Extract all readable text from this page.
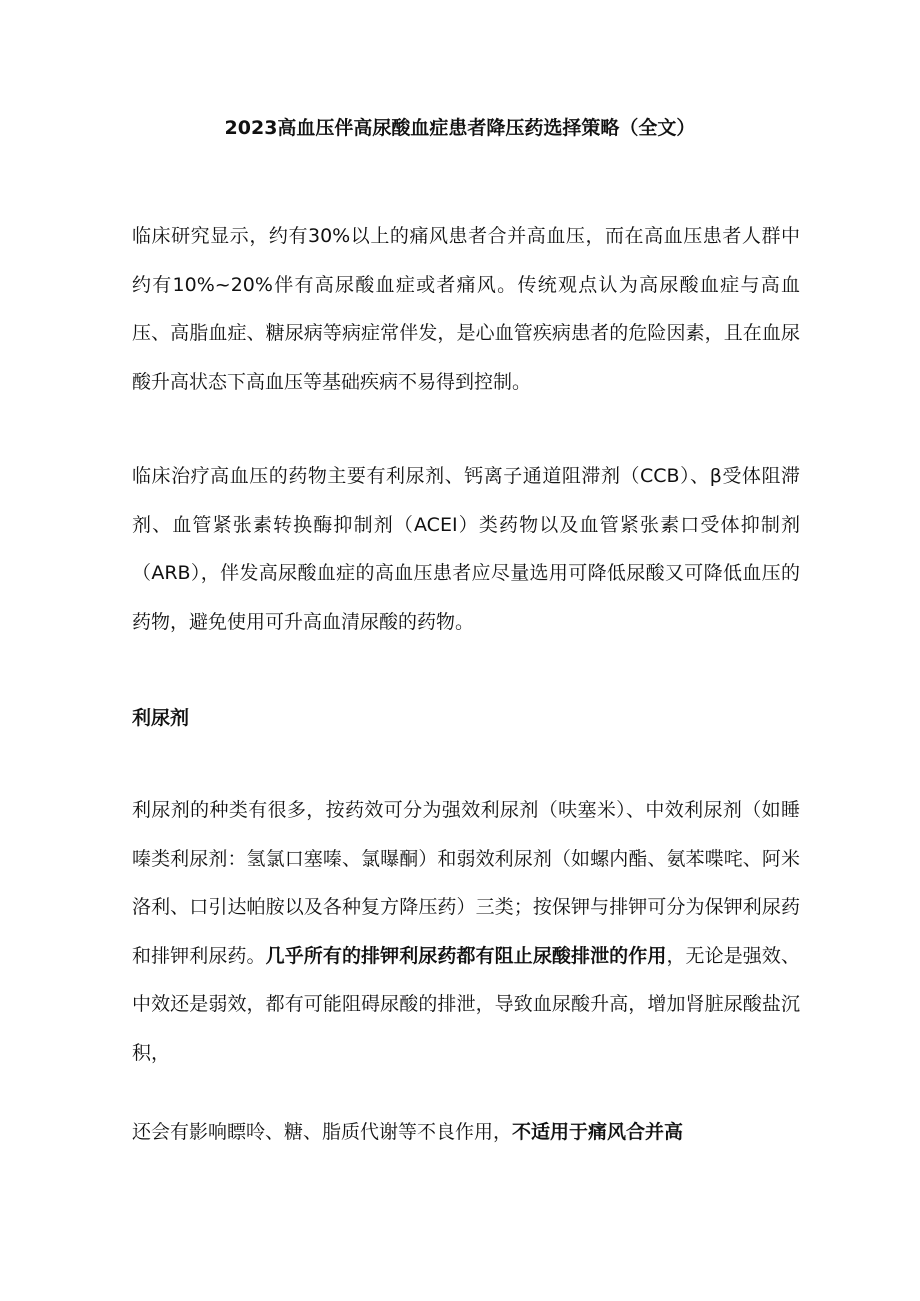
2023高血压伴高尿酸血症患者降压药选择策略（全文）

临床研究显示，约有30%以上的痛风患者合并高血压，而在高血压患者人群中约有10%~20%伴有高尿酸血症或者痛风。传统观点认为高尿酸血症与高血压、高脂血症、糖尿病等病症常伴发，是心血管疾病患者的危险因素，且在血尿酸升高状态下高血压等基础疾病不易得到控制。

临床治疗高血压的药物主要有利尿剂、钙离子通道阻滞剂（CCB）、β受体阻滞剂、血管紧张素转换酶抑制剂（ACEI）类药物以及血管紧张素口受体抑制剂（ARB），伴发高尿酸血症的高血压患者应尽量选用可降低尿酸又可降低血压的药物，避免使用可升高血清尿酸的药物。

利尿剂

利尿剂的种类有很多，按药效可分为强效利尿剂（呋塞米）、中效利尿剂（如睡嗪类利尿剂：氢氯口塞嗪、氯曝酮）和弱效利尿剂（如螺内酯、氨苯喋咤、阿米洛利、口引达帕胺以及各种复方降压药）三类；按保钾与排钾可分为保钾利尿药和排钾利尿药。几乎所有的排钾利尿药都有阻止尿酸排泄的作用，无论是强效、中效还是弱效，都有可能阻碍尿酸的排泄，导致血尿酸升高，增加肾脏尿酸盐沉积，

还会有影响瞟呤、糖、脂质代谢等不良作用，不适用于痛风合并高
